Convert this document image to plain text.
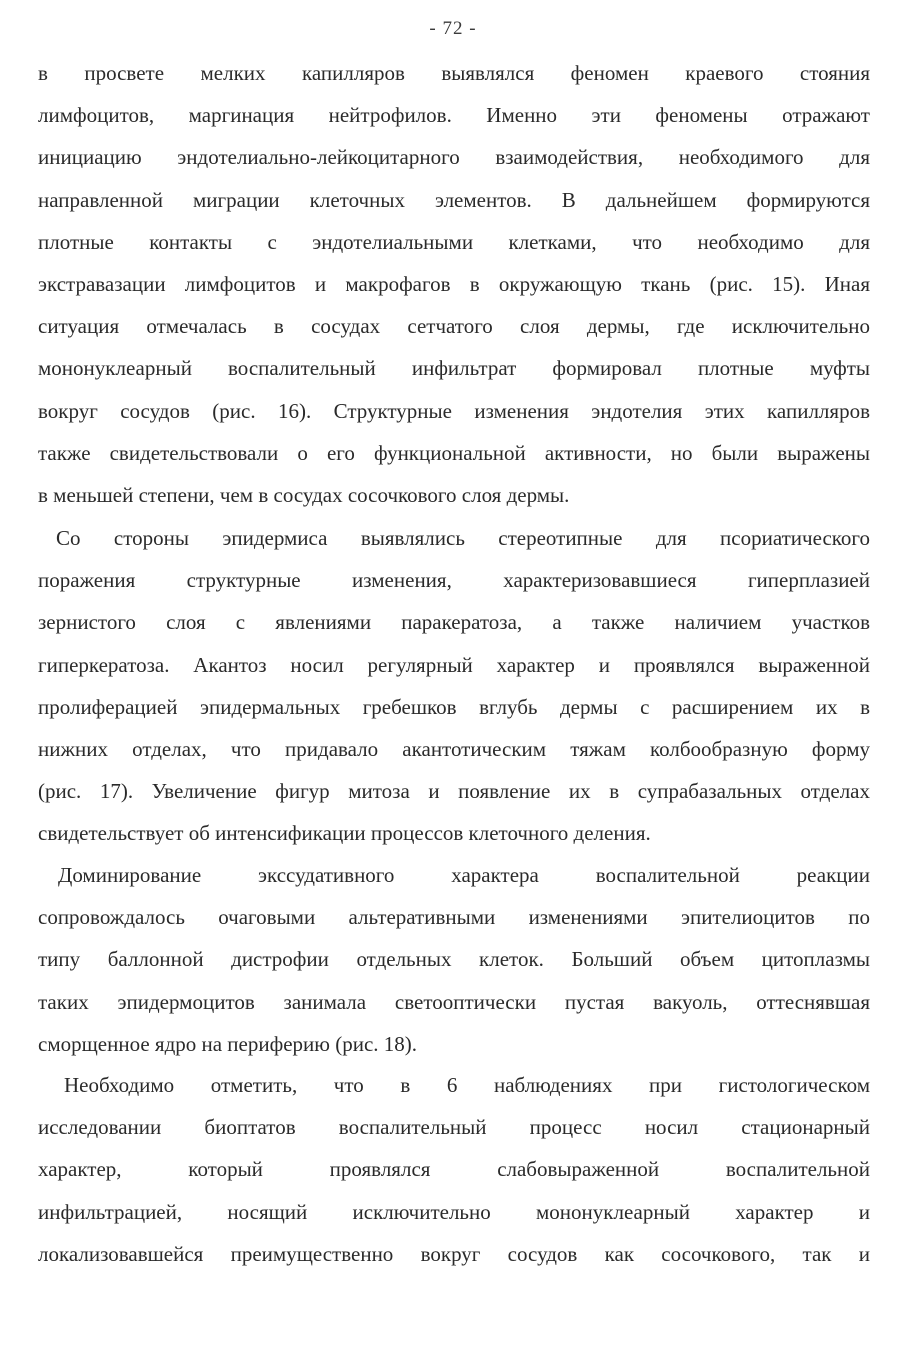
- 72 -
в просвете мелких капилляров выявлялся феномен краевого стояния
лимфоцитов, маргинация нейтрофилов. Именно эти феномены отражают
инициацию эндотелиально-лейкоцитарного взаимодействия, необходимого для
направленной миграции клеточных элементов. В дальнейшем формируются
плотные контакты с эндотелиальными клетками, что необходимо для
экстравазации лимфоцитов и макрофагов в окружающую ткань (рис. 15). Иная
ситуация отмечалась в сосудах сетчатого слоя дермы, где исключительно
мононуклеарный воспалительный инфильтрат формировал плотные муфты
вокруг сосудов (рис. 16). Структурные изменения эндотелия этих капилляров
также свидетельствовали о его функциональной активности, но были выражены
в меньшей степени, чем в сосудах сосочкового слоя дермы.
Со стороны эпидермиса выявлялись стереотипные для псориатического
поражения структурные изменения, характеризовавшиеся гиперплазией
зернистого слоя с явлениями паракератоза, а также наличием участков
гиперкератоза. Акантоз носил регулярный характер и проявлялся выраженной
пролиферацией эпидермальных гребешков вглубь дермы с расширением их в
нижних отделах, что придавало акантотическим тяжам колбообразную форму
(рис. 17). Увеличение фигур митоза и появление их в супрабазальных отделах
свидетельствует об интенсификации процессов клеточного деления.
Доминирование экссудативного характера воспалительной реакции
сопровождалось очаговыми альтеративными изменениями эпителиоцитов по
типу баллонной дистрофии отдельных клеток. Больший объем цитоплазмы
таких эпидермоцитов занимала светооптически пустая вакуоль, оттеснявшая
сморщенное ядро на периферию (рис. 18).
Необходимо отметить, что в 6 наблюдениях при гистологическом
исследовании биоптатов воспалительный процесс носил стационарный
характер, который проявлялся слабовыраженной воспалительной
инфильтрацией, носящий исключительно мононуклеарный характер и
локализовавшейся преимущественно вокруг сосудов как сосочкового, так и
